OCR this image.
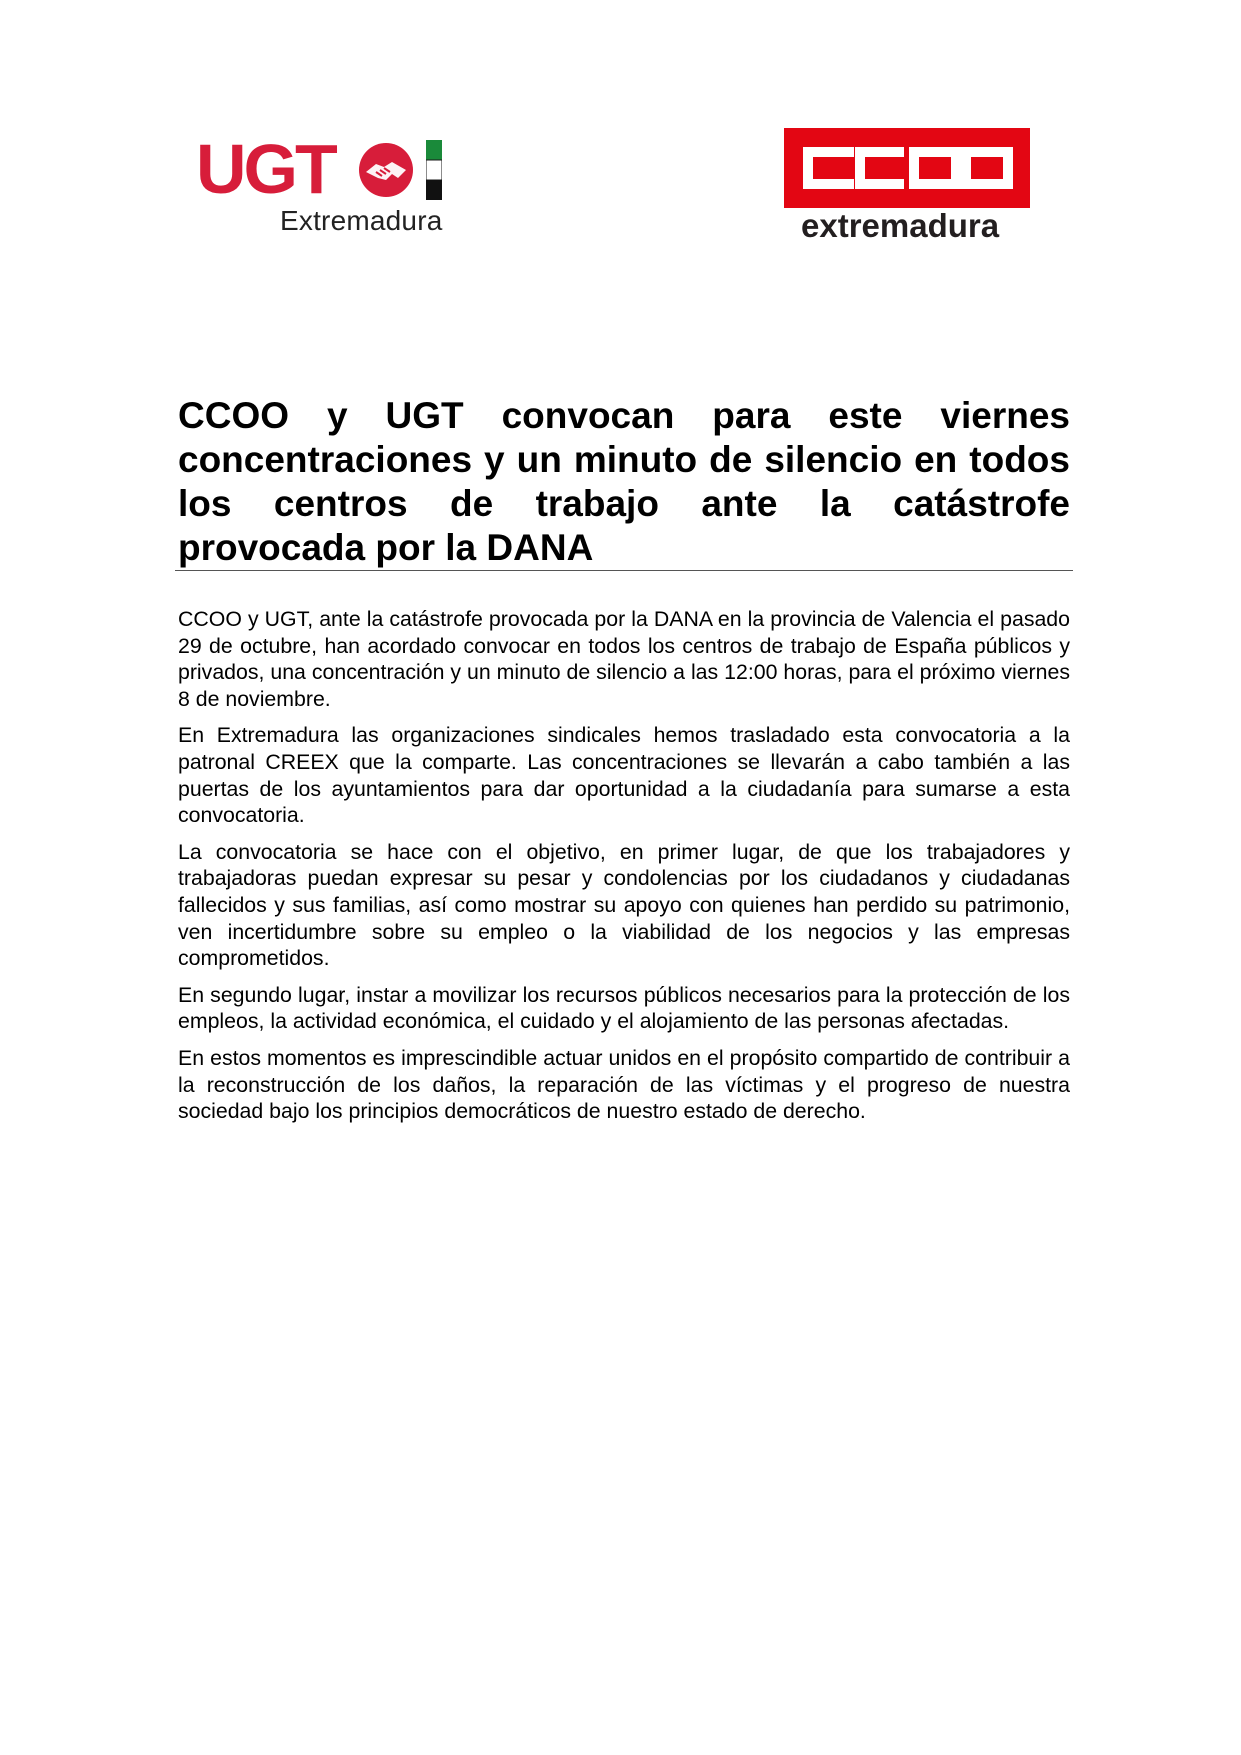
UGT
Extremadura	extremadura
CCOO y UGT convocan para este viernes concentraciones y un minuto de silencio en todos los centros de trabajo ante la catástrofe provocada por la DANA

CCOO y UGT, ante la catástrofe provocada por la DANA en la provincia de Valencia el pasado 29 de octubre, han acordado convocar en todos los centros de trabajo de España públicos y privados, una concentración y un minuto de silencio a las 12:00 horas, para el próximo viernes 8 de noviembre.

En Extremadura las organizaciones sindicales hemos trasladado esta convocatoria a la patronal CREEX que la comparte. Las concentraciones se llevarán a cabo también a las puertas de los ayuntamientos para dar oportunidad a la ciudadanía para sumarse a esta convocatoria.

La convocatoria se hace con el objetivo, en primer lugar, de que los trabajadores y trabajadoras puedan expresar su pesar y condolencias por los ciudadanos y ciudadanas fallecidos y sus familias, así como mostrar su apoyo con quienes han perdido su patrimonio, ven incertidumbre sobre su empleo o la viabilidad de los negocios y las empresas comprometidos.

En segundo lugar, instar a movilizar los recursos públicos necesarios para la protección de los empleos, la actividad económica, el cuidado y el alojamiento de las personas afectadas.

En estos momentos es imprescindible actuar unidos en el propósito compartido de contribuir a la reconstrucción de los daños, la reparación de las víctimas y el progreso de nuestra sociedad bajo los principios democráticos de nuestro estado de derecho.
